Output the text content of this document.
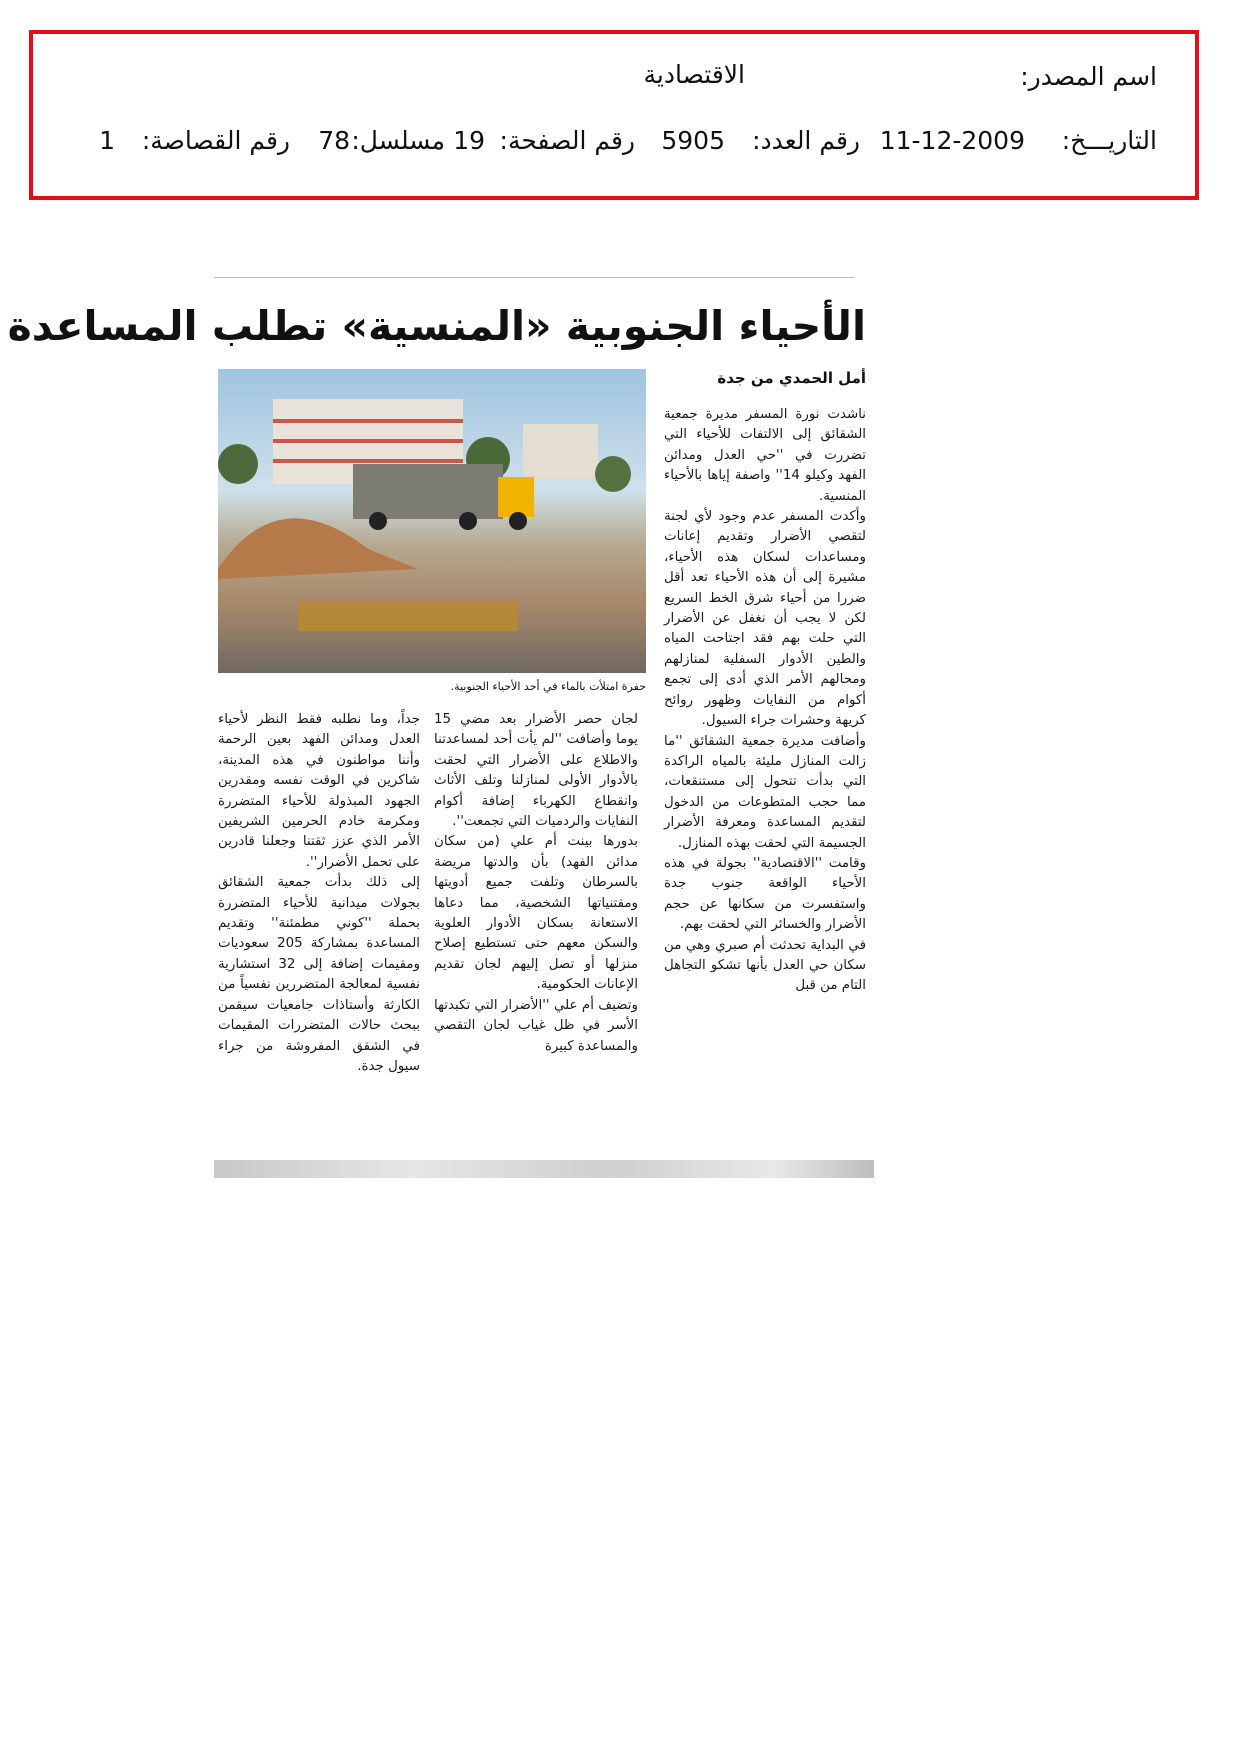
اسم المصدر:
الاقتصادية
التاريـــخ:
11-12-2009
رقم العدد:
5905
رقم الصفحة:
19
مسلسل:
78
رقم القصاصة:
1
الأحياء الجنوبية «المنسية» تطلب المساعدة
أمل الحمدي من جدة
حفرة امتلأت بالماء في أحد الأحياء الجنوبية.
ناشدت نورة المسفر مديرة جمعية الشقائق إلى الالتفات للأحياء التي تضررت في ''حي العدل ومدائن الفهد وكيلو 14'' واصفة إياها بالأحياء المنسية.
وأكدت المسفر عدم وجود لأي لجنة لتقصي الأضرار وتقديم إعانات ومساعدات لسكان هذه الأحياء، مشيرة إلى أن هذه الأحياء تعد أقل ضررا من أحياء شرق الخط السريع لكن لا يجب أن نغفل عن الأضرار التي حلت بهم فقد اجتاحت المياه والطين الأدوار السفلية لمنازلهم ومحالهم الأمر الذي أدى إلى تجمع أكوام من النفايات وظهور روائح كريهة وحشرات جراء السيول.
وأضافت مديرة جمعية الشقائق ''ما زالت المنازل مليئة بالمياه الراكدة التي بدأت تتحول إلى مستنقعات، مما حجب المتطوعات من الدخول لتقديم المساعدة ومعرفة الأضرار الجسيمة التي لحقت بهذه المنازل.
وقامت ''الاقتصادية'' بجولة في هذه الأحياء الواقعة جنوب جدة واستفسرت من سكانها عن حجم الأضرار والخسائر التي لحقت بهم.
في البداية تحدثت أم صبري وهي من سكان حي العدل بأنها تشكو التجاهل التام من قبل
لجان حصر الأضرار بعد مضي 15 يوما وأضافت ''لم يأت أحد لمساعدتنا والاطلاع على الأضرار التي لحقت بالأدوار الأولى لمنازلنا وتلف الأثاث وانقطاع الكهرباء إضافة أكوام النفايات والردميات التي تجمعت''.
بدورها بينت أم علي (من سكان مدائن الفهد) بأن والدتها مريضة بالسرطان وتلفت جميع أدويتها ومقتنياتها الشخصية، مما دعاها الاستعانة بسكان الأدوار العلوية والسكن معهم حتى تستطيع إصلاح منزلها أو تصل إليهم لجان تقديم الإعانات الحكومية.
وتضيف أم علي ''الأضرار التي تكبدتها الأسر في ظل غياب لجان التقصي والمساعدة كبيرة
جداً، وما نطلبه فقط النظر لأحياء العدل ومدائن الفهد بعين الرحمة وأننا مواطنون في هذه المدينة، شاكرين في الوقت نفسه ومقدرين الجهود المبذولة للأحياء المتضررة ومكرمة خادم الحرمين الشريفين الأمر الذي عزز ثقتنا وجعلنا قادرين على تحمل الأضرار''.
إلى ذلك بدأت جمعية الشقائق بجولات ميدانية للأحياء المتضررة بحملة ''كوني مطمئنة'' وتقديم المساعدة بمشاركة 205 سعوديات ومقيمات إضافة إلى 32 استشارية نفسية لمعالجة المتضررين نفسياً من الكارثة وأستاذات جامعيات سيقمن ببحث حالات المتضررات المقيمات في الشقق المفروشة من جراء سيول جدة.
